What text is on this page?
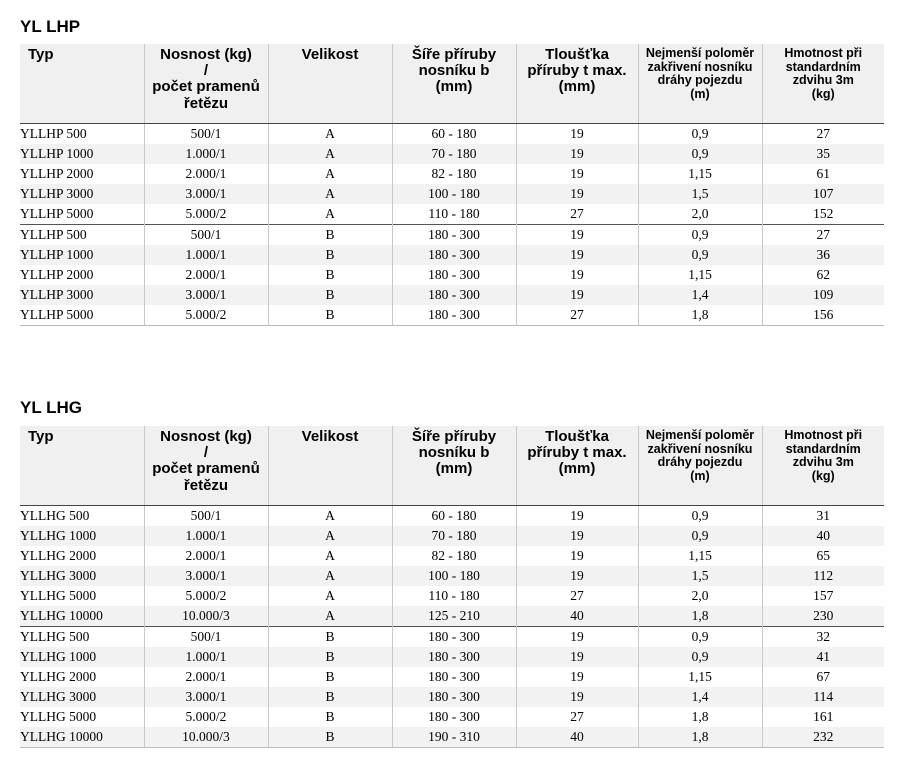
YL LHP
Typ	Nosnost (kg)
/
počet pramenů
řetězu	Velikost	Šíře příruby
nosníku b
(mm)	Tloušťka
příruby t max.
(mm)	Nejmenší poloměr
zakřivení nosníku
dráhy pojezdu
(m)	Hmotnost při
standardním
zdvihu 3m
(kg)
YLLHP 500	500/1	A	60 - 180	19	0,9	27
YLLHP 1000	1.000/1	A	70 - 180	19	0,9	35
YLLHP 2000	2.000/1	A	82 - 180	19	1,15	61
YLLHP 3000	3.000/1	A	100 - 180	19	1,5	107
YLLHP 5000	5.000/2	A	110 - 180	27	2,0	152
YLLHP 500	500/1	B	180 - 300	19	0,9	27
YLLHP 1000	1.000/1	B	180 - 300	19	0,9	36
YLLHP 2000	2.000/1	B	180 - 300	19	1,15	62
YLLHP 3000	3.000/1	B	180 - 300	19	1,4	109
YLLHP 5000	5.000/2	B	180 - 300	27	1,8	156
YL LHG
Typ	Nosnost (kg)
/
počet pramenů
řetězu	Velikost	Šíře příruby
nosníku b
(mm)	Tloušťka
příruby t max.
(mm)	Nejmenší poloměr
zakřivení nosníku
dráhy pojezdu
(m)	Hmotnost při
standardním
zdvihu 3m
(kg)
YLLHG 500	500/1	A	60 - 180	19	0,9	31
YLLHG 1000	1.000/1	A	70 - 180	19	0,9	40
YLLHG 2000	2.000/1	A	82 - 180	19	1,15	65
YLLHG 3000	3.000/1	A	100 - 180	19	1,5	112
YLLHG 5000	5.000/2	A	110 - 180	27	2,0	157
YLLHG 10000	10.000/3	A	125 - 210	40	1,8	230
YLLHG 500	500/1	B	180 - 300	19	0,9	32
YLLHG 1000	1.000/1	B	180 - 300	19	0,9	41
YLLHG 2000	2.000/1	B	180 - 300	19	1,15	67
YLLHG 3000	3.000/1	B	180 - 300	19	1,4	114
YLLHG 5000	5.000/2	B	180 - 300	27	1,8	161
YLLHG 10000	10.000/3	B	190 - 310	40	1,8	232
